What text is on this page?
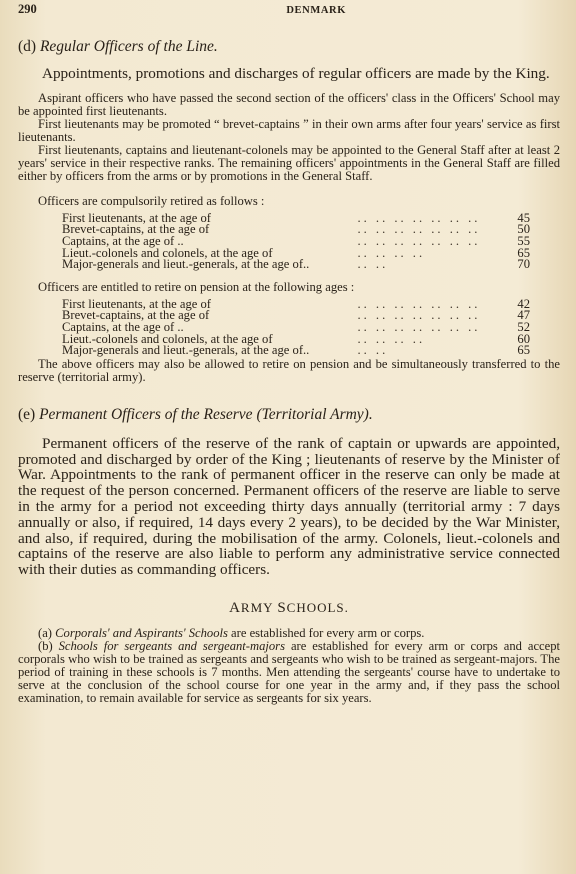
290	DENMARK
(d) Regular Officers of the Line.

Appointments, promotions and discharges of regular officers are made by the King.

Aspirant officers who have passed the second section of the officers' class in the Officers' School may be appointed first lieutenants.

First lieutenants may be promoted “ brevet-captains ” in their own arms after four years' service as first lieutenants.

First lieutenants, captains and lieutenant-colonels may be appointed to the General Staff after at least 2 years' service in their respective ranks. The remaining officers' appointments in the General Staff are filled either by officers from the arms or by promotions in the General Staff.

Officers are compulsorily retired as follows :

First lieutenants, at the age of	.. .. .. .. .. .. ..	45
Brevet-captains, at the age of	.. .. .. .. .. .. ..	50
Captains, at the age of ..	.. .. .. .. .. .. ..	55
Lieut.-colonels and colonels, at the age of	.. .. .. ..	65
Major-generals and lieut.-generals, at the age of..	.. ..	70

Officers are entitled to retire on pension at the following ages :

First lieutenants, at the age of	.. .. .. .. .. .. ..	42
Brevet-captains, at the age of	.. .. .. .. .. .. ..	47
Captains, at the age of ..	.. .. .. .. .. .. ..	52
Lieut.-colonels and colonels, at the age of	.. .. .. ..	60
Major-generals and lieut.-generals, at the age of..	.. ..	65

The above officers may also be allowed to retire on pension and be simultaneously transferred to the reserve (territorial army).

(e) Permanent Officers of the Reserve (Territorial Army).

Permanent officers of the reserve of the rank of captain or upwards are appointed, promoted and discharged by order of the King ; lieutenants of reserve by the Minister of War. Appointments to the rank of permanent officer in the reserve can only be made at the request of the person concerned. Permanent officers of the reserve are liable to serve in the army for a period not exceeding thirty days annually (territorial army : 7 days annually or also, if required, 14 days every 2 years), to be decided by the War Minister, and also, if required, during the mobilisation of the army. Colonels, lieut.-colonels and captains of the reserve are also liable to perform any administrative service connected with their duties as commanding officers.

ARMY SCHOOLS.

(a) Corporals' and Aspirants' Schools are established for every arm or corps.

(b) Schools for sergeants and sergeant-majors are established for every arm or corps and accept corporals who wish to be trained as sergeants and sergeants who wish to be trained as sergeant-majors. The period of training in these schools is 7 months. Men attending the sergeants' course have to undertake to serve at the conclusion of the school course for one year in the army and, if they pass the school examination, to remain available for service as sergeants for six years.
